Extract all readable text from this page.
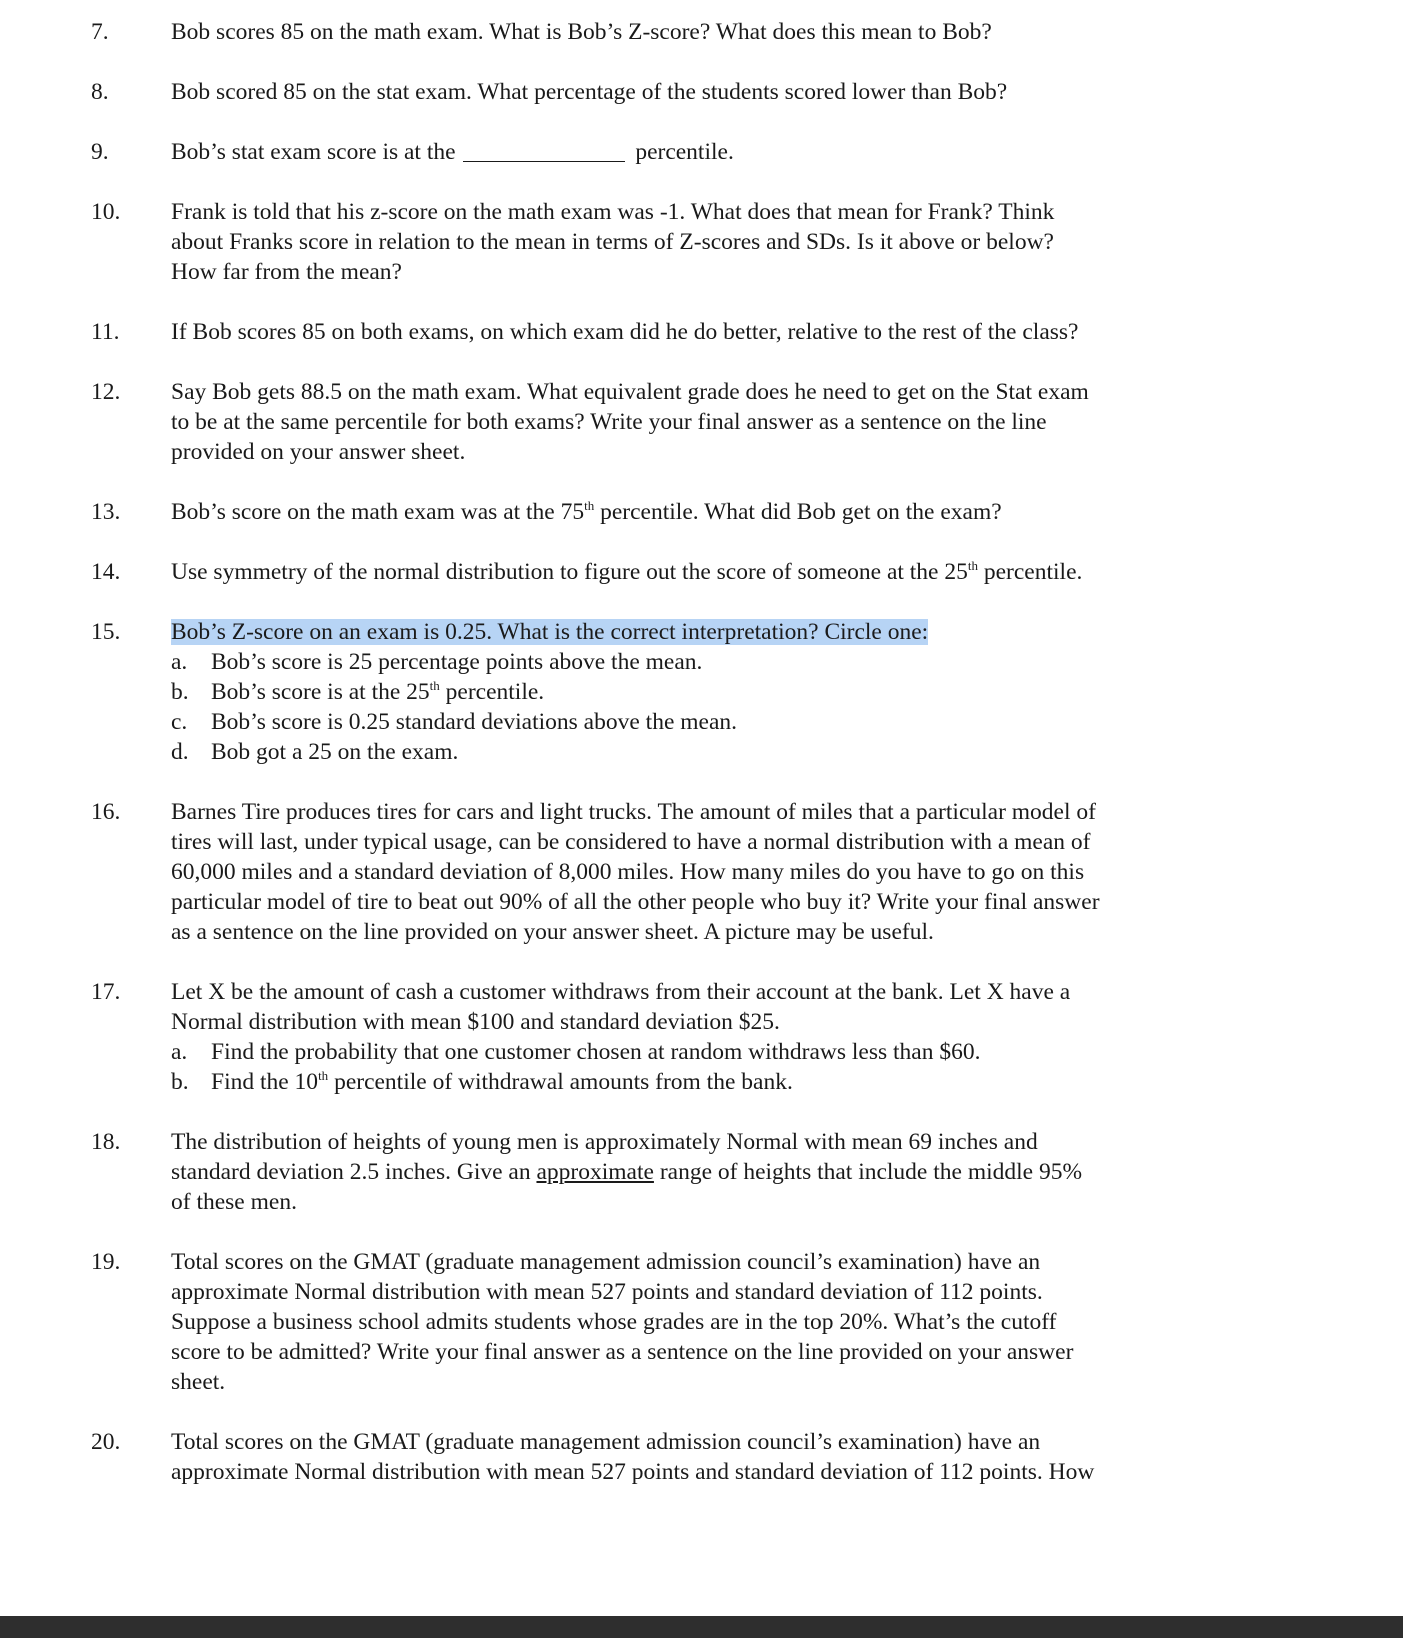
7.	Bob scores 85 on the math exam. What is Bob’s Z-score? What does this mean to Bob?
8.	Bob scored 85 on the stat exam. What percentage of the students scored lower than Bob?
9.	Bob’s stat exam score is at the	percentile.
10.	Frank is told that his z-score on the math exam was -1. What does that mean for Frank? Think
about Franks score in relation to the mean in terms of Z-scores and SDs. Is it above or below?
How far from the mean?
11.	If Bob scores 85 on both exams, on which exam did he do better, relative to the rest of the class?
12.	Say Bob gets 88.5 on the math exam. What equivalent grade does he need to get on the Stat exam
to be at the same percentile for both exams? Write your final answer as a sentence on the line
provided on your answer sheet.
13.	Bob’s score on the math exam was at the 75th percentile. What did Bob get on the exam?
14.	Use symmetry of the normal distribution to figure out the score of someone at the 25th percentile.
15.	Bob’s Z-score on an exam is 0.25. What is the correct interpretation? Circle one:
a.	Bob’s score is 25 percentage points above the mean.
b. Bob’s score is at the 25th percentile.
c.	Bob’s score is 0.25 standard deviations above the mean.
d. Bob got a 25 on the exam.
16.	Barnes Tire produces tires for cars and light trucks. The amount of miles that a particular model of
tires will last, under typical usage, can be considered to have a normal distribution with a mean of
60,000 miles and a standard deviation of 8,000 miles. How many miles do you have to go on this
particular model of tire to beat out 90% of all the other people who buy it? Write your final answer
as a sentence on the line provided on your answer sheet. A picture may be useful.
17.	Let X be the amount of cash a customer withdraws from their account at the bank. Let X have a
Normal distribution with mean $100 and standard deviation $25.
a.	Find the probability that one customer chosen at random withdraws less than $60.
b. Find the 10th percentile of withdrawal amounts from the bank.
18.	The distribution of heights of young men is approximately Normal with mean 69 inches and
standard deviation 2.5 inches. Give an approximate range of heights that include the middle 95%
of these men.
19.	Total scores on the GMAT (graduate management admission council’s examination) have an
approximate Normal distribution with mean 527 points and standard deviation of 112 points.
Suppose a business school admits students whose grades are in the top 20%. What’s the cutoff
score to be admitted? Write your final answer as a sentence on the line provided on your answer
sheet.
20.	Total scores on the GMAT (graduate management admission council’s examination) have an
approximate Normal distribution with mean 527 points and standard deviation of 112 points. How
